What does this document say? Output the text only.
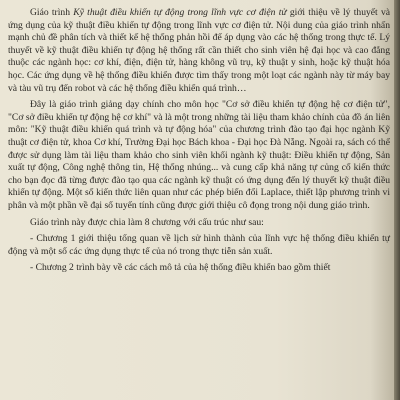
Giáo trình Kỹ thuật điều khiển tự động trong lĩnh vực cơ điện tử giới thiệu về lý thuyết và ứng dụng của kỹ thuật điều khiển tự động trong lĩnh vực cơ điện tử. Nội dung của giáo trình nhấn mạnh chủ đề phân tích và thiết kế hệ thống phản hồi để áp dụng vào các hệ thống trong thực tế. Lý thuyết về kỹ thuật điều khiển tự động hệ thống rất cần thiết cho sinh viên hệ đại học và cao đẳng thuộc các ngành học: cơ khí, điện, điện tử, hàng không vũ trụ, kỹ thuật y sinh, hoặc kỹ thuật hóa học. Các ứng dụng về hệ thống điều khiển được tìm thấy trong một loạt các ngành này từ máy bay và tàu vũ trụ đến robot và các hệ thống điều khiển quá trình…

Đây là giáo trình giảng dạy chính cho môn học "Cơ sở điều khiển tự động hệ cơ điện tử", "Cơ sở điều khiển tự động hệ cơ khí" và là một trong những tài liệu tham khảo chính của đồ án liên môn: "Kỹ thuật điều khiển quá trình và tự động hóa" của chương trình đào tạo đại học ngành Kỹ thuật cơ điện tử, khoa Cơ khí, Trường Đại học Bách khoa - Đại học Đà Nẵng. Ngoài ra, sách có thể được sử dụng làm tài liệu tham khảo cho sinh viên khối ngành kỹ thuật: Điều khiển tự động, Sản xuất tự động, Công nghệ thông tin, Hệ thống nhúng... và cung cấp khả năng tự củng cố kiến thức cho bạn đọc đã từng được đào tạo qua các ngành kỹ thuật có ứng dụng đến lý thuyết kỹ thuật điều khiển tự động. Một số kiến thức liên quan như các phép biến đổi Laplace, thiết lập phương trình vi phân và một phần về đại số tuyến tính cũng được giới thiệu cô đọng trong nội dung giáo trình.

Giáo trình này được chia làm 8 chương với cấu trúc như sau:

- Chương 1 giới thiệu tổng quan về lịch sử hình thành của lĩnh vực hệ thống điều khiển tự động và một số các ứng dụng thực tế của nó trong thực tiễn sản xuất.

- Chương 2 trình bày về các cách mô tả của hệ thống điều khiển bao gồm thiết
